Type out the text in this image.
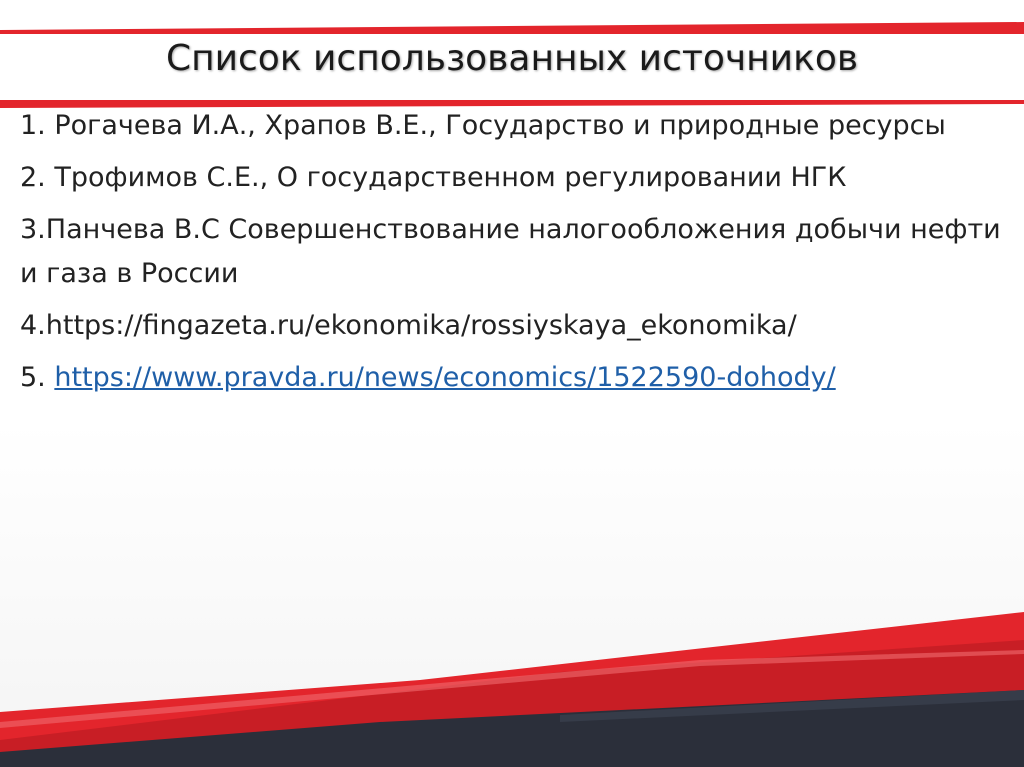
Список использованных источников
1. Рогачева И.А., Храпов В.Е., Государство и природные ресурсы
2. Трофимов С.Е., О государственном регулировании НГК
3.Панчева В.С Совершенствование налогообложения добычи нефти и газа в России
4.https://fingazeta.ru/ekonomika/rossiyskaya_ekonomika/
5. https://www.pravda.ru/news/economics/1522590-dohody/
